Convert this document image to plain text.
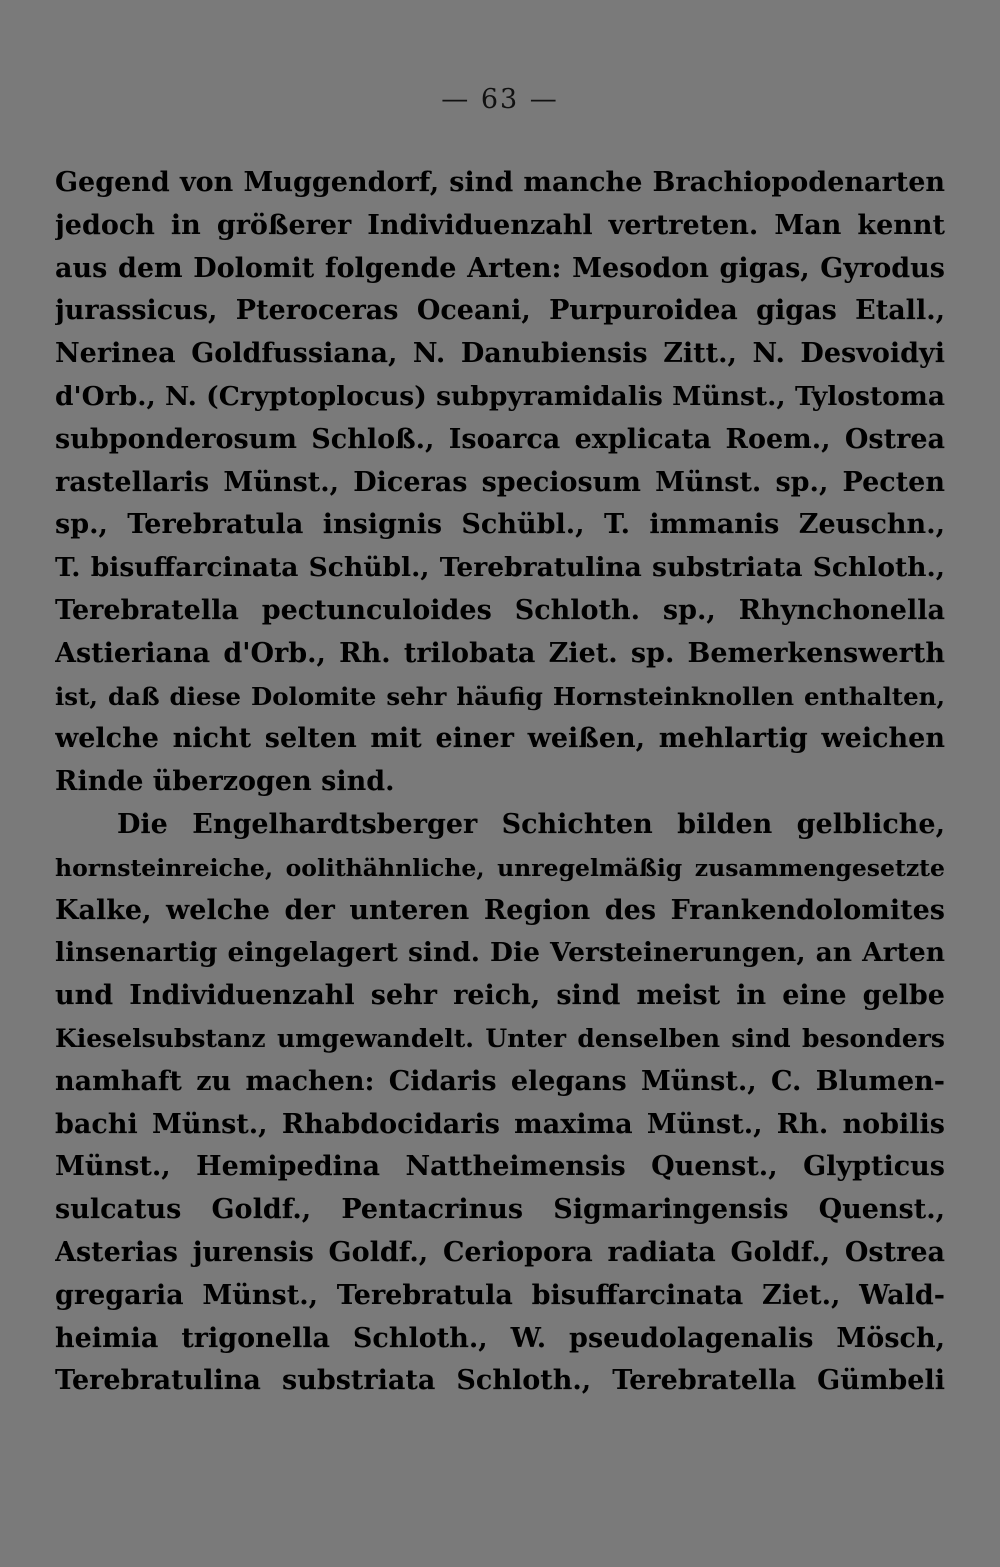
— 63 —
Gegend von Muggendorf, sind manche Brachiopodenarten
jedoch in größerer Individuenzahl vertreten. Man kennt
aus dem Dolomit folgende Arten: Mesodon gigas, Gyrodus
jurassicus, Pteroceras Oceani, Purpuroidea gigas Etall.,
Nerinea Goldfussiana, N. Danubiensis Zitt., N. Desvoidyi
d'Orb., N. (Cryptoplocus) subpyramidalis Münst., Tylostoma
subponderosum Schloß., Isoarca explicata Roem., Ostrea
rastellaris Münst., Diceras speciosum Münst. sp., Pecten
sp., Terebratula insignis Schübl., T. immanis Zeuschn.,
T. bisuffarcinata Schübl., Terebratulina substriata Schloth.,
Terebratella pectunculoides Schloth. sp., Rhynchonella
Astieriana d'Orb., Rh. trilobata Ziet. sp. Bemerkenswerth
ist, daß diese Dolomite sehr häufig Hornsteinknollen enthalten,
welche nicht selten mit einer weißen, mehlartig weichen
Rinde überzogen sind.
Die Engelhardtsberger Schichten bilden gelbliche,
hornsteinreiche, oolithähnliche, unregelmäßig zusammengesetzte
Kalke, welche der unteren Region des Frankendolomites
linsenartig eingelagert sind. Die Versteinerungen, an Arten
und Individuenzahl sehr reich, sind meist in eine gelbe
Kieselsubstanz umgewandelt. Unter denselben sind besonders
namhaft zu machen: Cidaris elegans Münst., C. Blumen-
bachi Münst., Rhabdocidaris maxima Münst., Rh. nobilis
Münst., Hemipedina Nattheimensis Quenst., Glypticus
sulcatus Goldf., Pentacrinus Sigmaringensis Quenst.,
Asterias jurensis Goldf., Ceriopora radiata Goldf., Ostrea
gregaria Münst., Terebratula bisuffarcinata Ziet., Wald-
heimia trigonella Schloth., W. pseudolagenalis Mösch,
Terebratulina substriata Schloth., Terebratella Gümbeli
